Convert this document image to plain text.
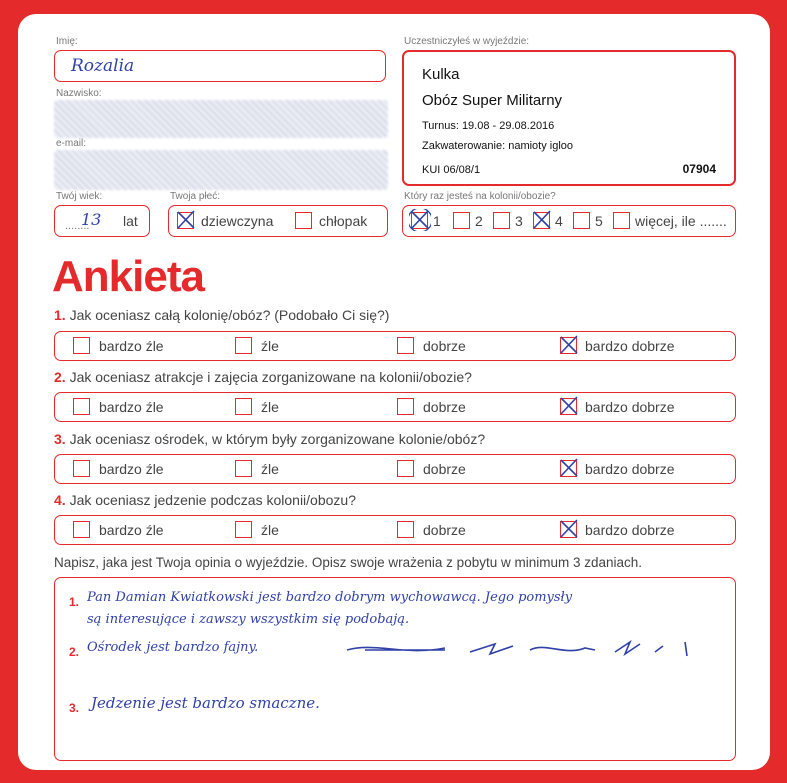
Imię:
Rozalia
Nazwisko:
e-mail:
Twój wiek:
........
13 lat
Twoja płeć:
dziewczyna	chłopak
Uczestniczyłeś w wyjeździe:
Kulka
Obóz Super Militarny
Turnus: 19.08 - 29.08.2016
Zakwaterowanie: namioty igloo
KUI 06/08/1	07904
Który raz jesteś na kolonii/obozie?
1 2 3 4 5 więcej, ile .......
Ankieta
1. Jak oceniasz całą kolonię/obóz? (Podobało Ci się?)
bardzo źle	źle	dobrze	bardzo dobrze
2. Jak oceniasz atrakcje i zajęcia zorganizowane na kolonii/obozie?
bardzo źle	źle	dobrze	bardzo dobrze
3. Jak oceniasz ośrodek, w którym były zorganizowane kolonie/obóz?
bardzo źle	źle	dobrze	bardzo dobrze
4. Jak oceniasz jedzenie podczas kolonii/obozu?
bardzo źle	źle	dobrze	bardzo dobrze
Napisz, jaka jest Twoja opinia o wyjeździe. Opisz swoje wrażenia z pobytu w minimum 3 zdaniach.
1. Pan Damian Kwiatkowski jest bardzo dobrym wychowawcą. Jego pomysły
są interesujące i zawszy wszystkim się podobają.
2. Ośrodek jest bardzo fajny.
3. Jedzenie jest bardzo smaczne.
